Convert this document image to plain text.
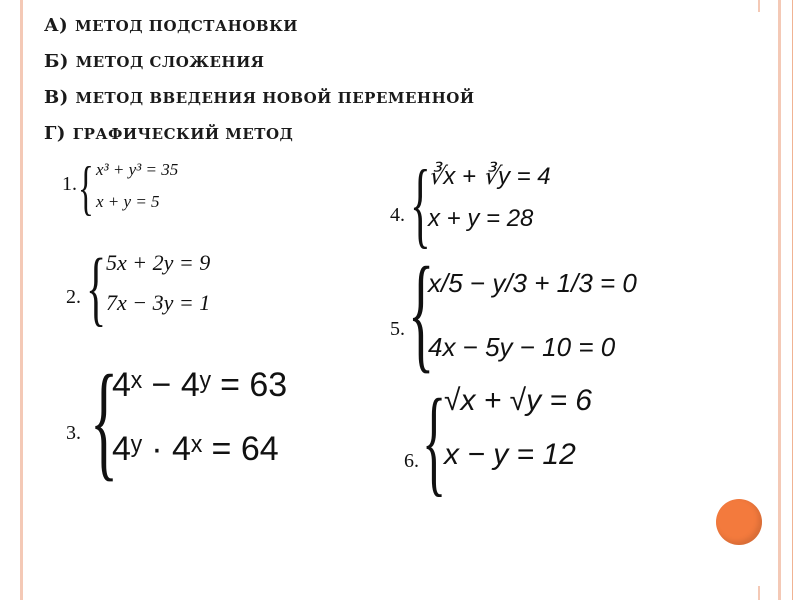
А) МЕТОД ПОДСТАНОВКИ
Б) МЕТОД СЛОЖЕНИЯ
В) МЕТОД ВВЕДЕНИЯ НОВОЙ ПЕРЕМЕННОЙ
Г) ГРАФИЧЕСКИЙ МЕТОД
1. { x³ + y³ = 35
x + y = 5
2. { 5x + 2y = 9
7x − 3y = 1
3. {
4ˣ − 4ʸ = 63
4ʸ · 4ˣ = 64
4. {
∛x + ∛y = 4
x + y = 28
5. {
x/5 − y/3 + 1/3 = 0
4x − 5y − 10 = 0
6. {
√x + √y = 6
x − y = 12
